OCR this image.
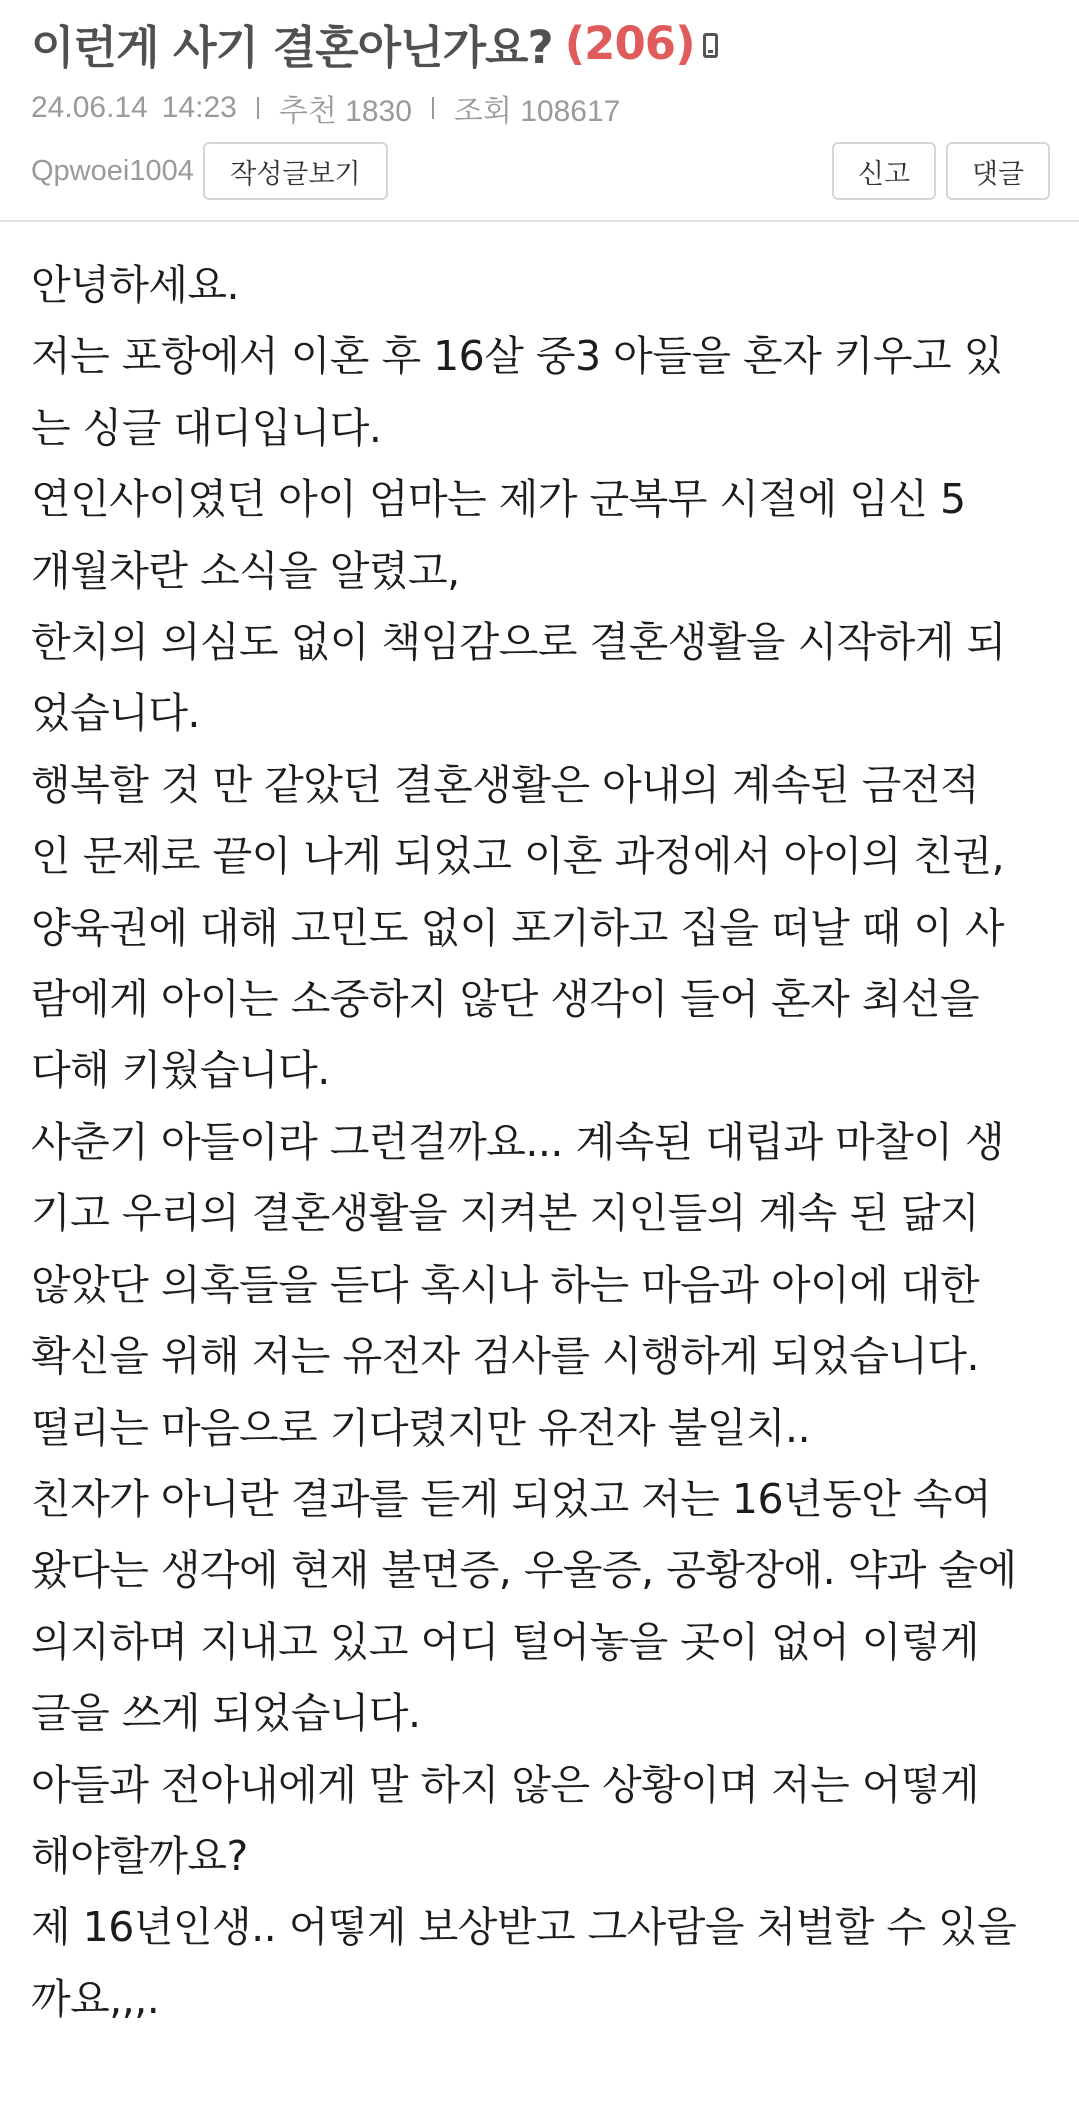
이런게 사기 결혼아닌가요? (206)
24.06.14 14:23 추천 1830 조회 108617
Qpwoei1004	작성글보기	신고	댓글

안녕하세요.

저는 포항에서 이혼 후 16살 중3 아들을 혼자 키우고 있

는 싱글 대디입니다.

연인사이였던 아이 엄마는 제가 군복무 시절에 임신 5

개월차란 소식을 알렸고,

한치의 의심도 없이 책임감으로 결혼생활을 시작하게 되

었습니다.

행복할 것 만 같았던 결혼생활은 아내의 계속된 금전적

인 문제로 끝이 나게 되었고 이혼 과정에서 아이의 친권,

양육권에 대해 고민도 없이 포기하고 집을 떠날 때 이 사

람에게 아이는 소중하지 않단 생각이 들어 혼자 최선을

다해 키웠습니다.

사춘기 아들이라 그런걸까요... 계속된 대립과 마찰이 생

기고 우리의 결혼생활을 지켜본 지인들의 계속 된 닮지

않았단 의혹들을 듣다 혹시나 하는 마음과 아이에 대한

확신을 위해 저는 유전자 검사를 시행하게 되었습니다.

떨리는 마음으로 기다렸지만 유전자 불일치..

친자가 아니란 결과를 듣게 되었고 저는 16년동안 속여

왔다는 생각에 현재 불면증, 우울증, 공황장애. 약과 술에

의지하며 지내고 있고 어디 털어놓을 곳이 없어 이렇게

글을 쓰게 되었습니다.

아들과 전아내에게 말 하지 않은 상황이며 저는 어떻게

해야할까요?

제 16년인생.. 어떻게 보상받고 그사람을 처벌할 수 있을

까요,,,.
